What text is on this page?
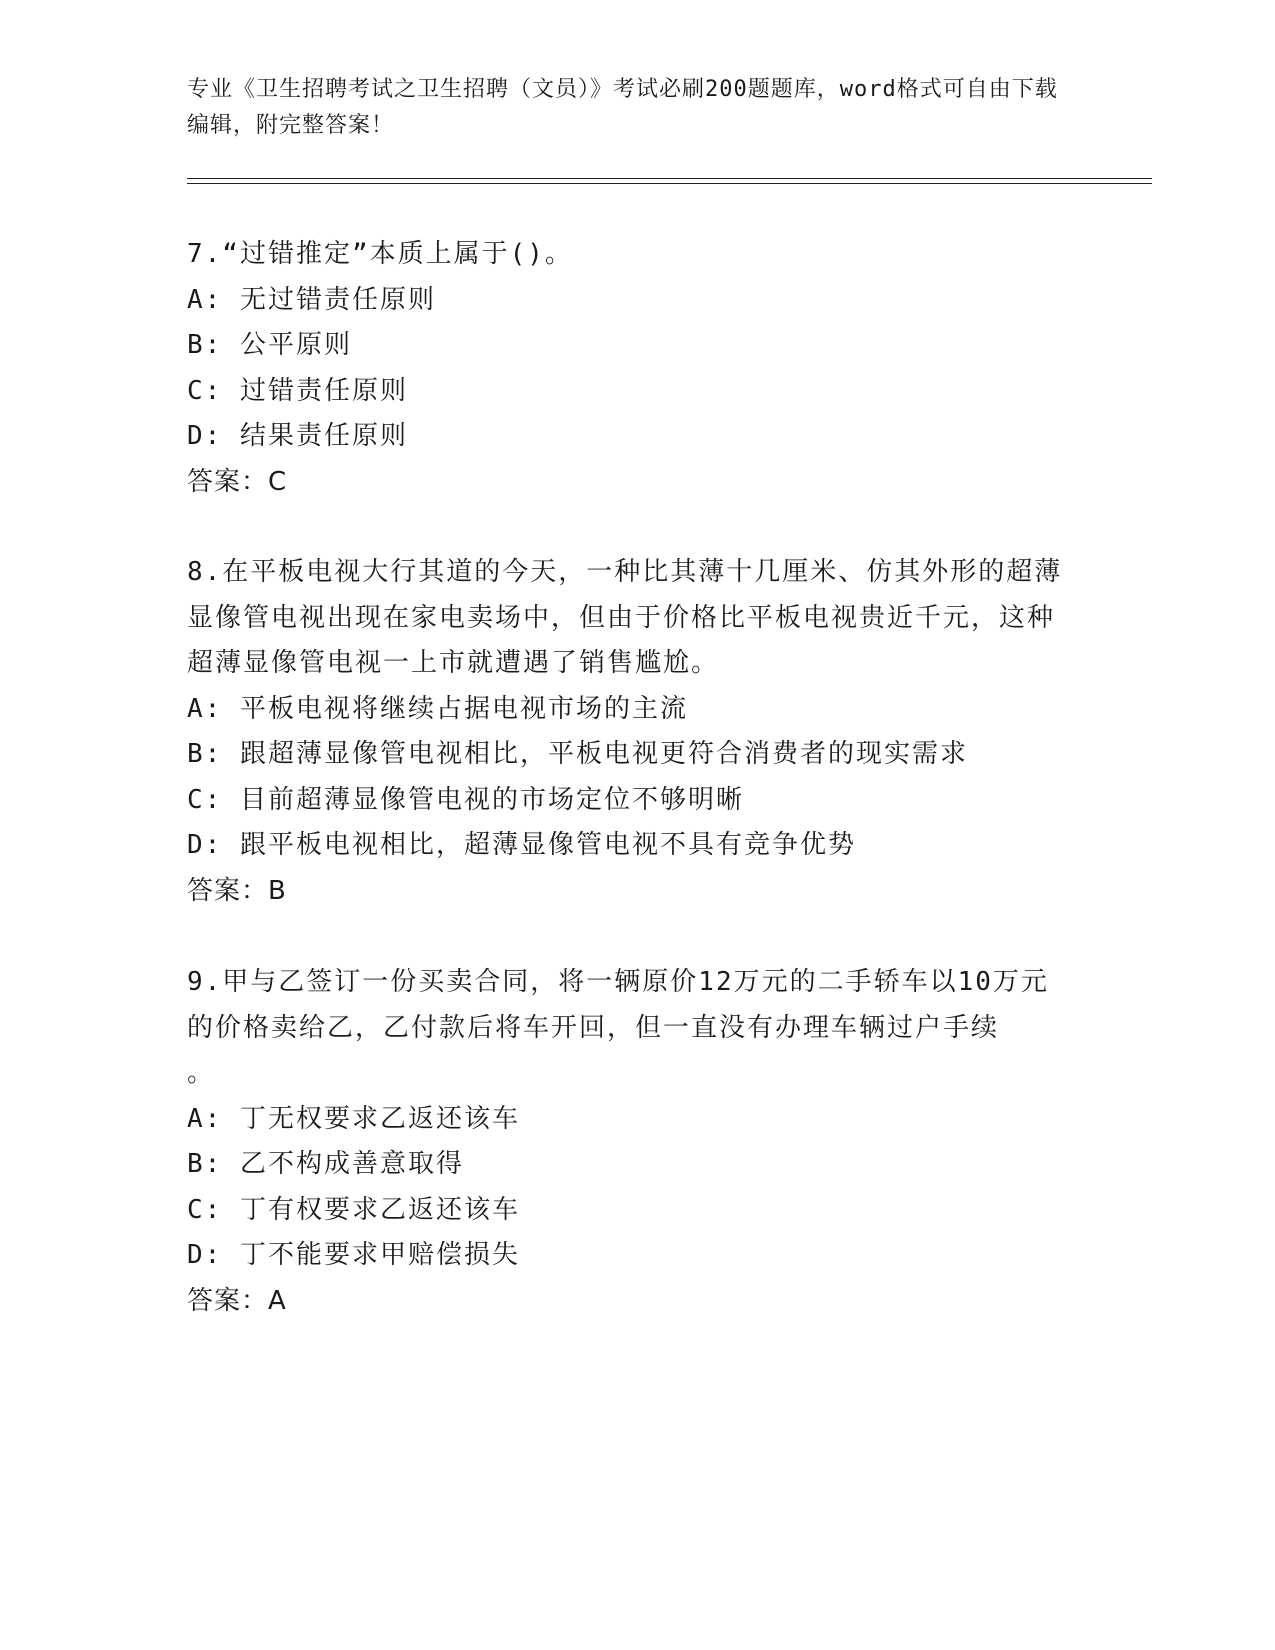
专业《卫生招聘考试之卫生招聘（文员）》考试必刷200题题库，word格式可自由下载编辑，附完整答案！

7.“过错推定”本质上属于()。

A: 无过错责任原则

B: 公平原则

C: 过错责任原则

D: 结果责任原则

答案：C

8.在平板电视大行其道的今天，一种比其薄十几厘米、仿其外形的超薄显像管电视出现在家电卖场中，但由于价格比平板电视贵近千元，这种超薄显像管电视一上市就遭遇了销售尴尬。

A: 平板电视将继续占据电视市场的主流

B: 跟超薄显像管电视相比，平板电视更符合消费者的现实需求

C: 目前超薄显像管电视的市场定位不够明晰

D: 跟平板电视相比，超薄显像管电视不具有竞争优势

答案：B

9.甲与乙签订一份买卖合同，将一辆原价12万元的二手轿车以10万元的价格卖给乙，乙付款后将车开回，但一直没有办理车辆过户手续

。

A: 丁无权要求乙返还该车

B: 乙不构成善意取得

C: 丁有权要求乙返还该车

D: 丁不能要求甲赔偿损失

答案：A
